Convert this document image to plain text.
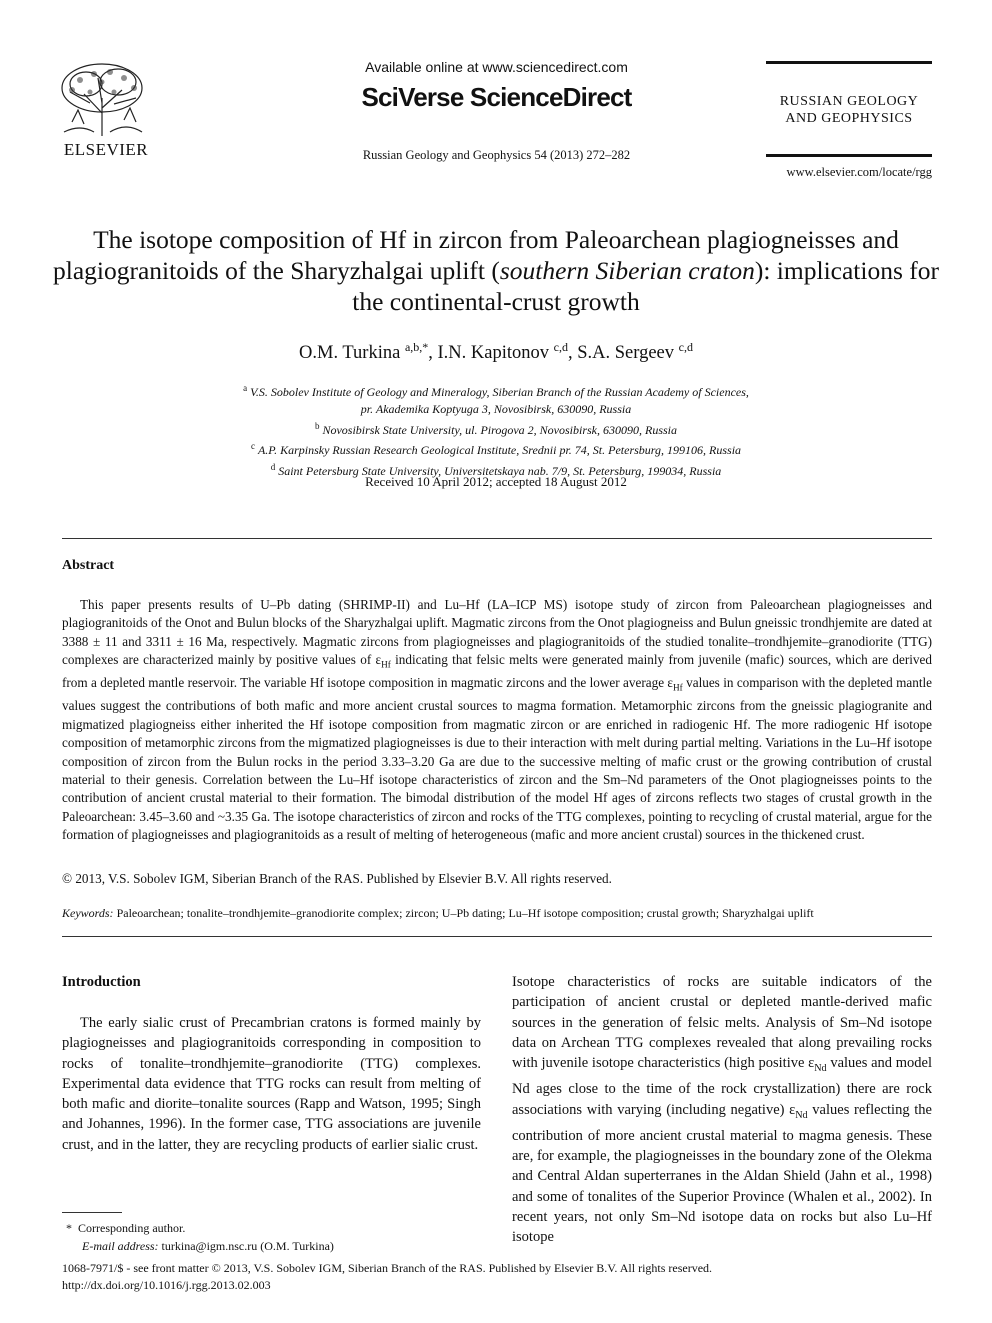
ELSEVIER
Available online at www.sciencedirect.com
SciVerse ScienceDirect
Russian Geology and Geophysics 54 (2013) 272–282
RUSSIAN GEOLOGY
AND GEOPHYSICS
www.elsevier.com/locate/rgg
The isotope composition of Hf in zircon from Paleoarchean plagiogneisses and plagiogranitoids of the Sharyzhalgai uplift (southern Siberian craton): implications for the continental-crust growth
O.M. Turkina $^{a,b,*}$, I.N. Kapitonov $^{c,d}$, S.A. Sergeev $^{c,d}$
$^a$ V.S. Sobolev Institute of Geology and Mineralogy, Siberian Branch of the Russian Academy of Sciences,
pr. Akademika Koptyuga 3, Novosibirsk, 630090, Russia
$^b$ Novosibirsk State University, ul. Pirogova 2, Novosibirsk, 630090, Russia
$^c$ A.P. Karpinsky Russian Research Geological Institute, Srednii pr. 74, St. Petersburg, 199106, Russia
$^d$ Saint Petersburg State University, Universitetskaya nab. 7/9, St. Petersburg, 199034, Russia
Received 10 April 2012; accepted 18 August 2012
Abstract
This paper presents results of U–Pb dating (SHRIMP-II) and Lu–Hf (LA–ICP MS) isotope study of zircon from Paleoarchean plagiogneisses and plagiogranitoids of the Onot and Bulun blocks of the Sharyzhalgai uplift. Magmatic zircons from the Onot plagiogneiss and Bulun gneissic trondhjemite are dated at 3388 ± 11 and 3311 ± 16 Ma, respectively. Magmatic zircons from plagiogneisses and plagiogranitoids of the studied tonalite–trondhjemite–granodiorite (TTG) complexes are characterized mainly by positive values of $\varepsilon_{Hf}$ indicating that felsic melts were generated mainly from juvenile (mafic) sources, which are derived from a depleted mantle reservoir. The variable Hf isotope composition in magmatic zircons and the lower average $\varepsilon_{Hf}$ values in comparison with the depleted mantle values suggest the contributions of both mafic and more ancient crustal sources to magma formation. Metamorphic zircons from the gneissic plagiogranite and migmatized plagiogneiss either inherited the Hf isotope composition from magmatic zircon or are enriched in radiogenic Hf. The more radiogenic Hf isotope composition of metamorphic zircons from the migmatized plagiogneisses is due to their interaction with melt during partial melting. Variations in the Lu–Hf isotope composition of zircon from the Bulun rocks in the period 3.33–3.20 Ga are due to the successive melting of mafic crust or the growing contribution of crustal material to their genesis. Correlation between the Lu–Hf isotope characteristics of zircon and the Sm–Nd parameters of the Onot plagiogneisses points to the contribution of ancient crustal material to their formation. The bimodal distribution of the model Hf ages of zircons reflects two stages of crustal growth in the Paleoarchean: 3.45–3.60 and ~3.35 Ga. The isotope characteristics of zircon and rocks of the TTG complexes, pointing to recycling of crustal material, argue for the formation of plagiogneisses and plagiogranitoids as a result of melting of heterogeneous (mafic and more ancient crustal) sources in the thickened crust.
© 2013, V.S. Sobolev IGM, Siberian Branch of the RAS. Published by Elsevier B.V. All rights reserved.
Keywords: Paleoarchean; tonalite–trondhjemite–granodiorite complex; zircon; U–Pb dating; Lu–Hf isotope composition; crustal growth; Sharyzhalgai uplift
Introduction
The early sialic crust of Precambrian cratons is formed mainly by plagiogneisses and plagiogranitoids corresponding in composition to rocks of tonalite–trondhjemite–granodiorite (TTG) complexes. Experimental data evidence that TTG rocks can result from melting of both mafic and diorite–tonalite sources (Rapp and Watson, 1995; Singh and Johannes, 1996). In the former case, TTG associations are juvenile crust, and in the latter, they are recycling products of earlier sialic crust.
Isotope characteristics of rocks are suitable indicators of the participation of ancient crustal or depleted mantle-derived mafic sources in the generation of felsic melts. Analysis of Sm–Nd isotope data on Archean TTG complexes revealed that along prevailing rocks with juvenile isotope characteristics (high positive $\varepsilon_{Nd}$ values and model Nd ages close to the time of the rock crystallization) there are rock associations with varying (including negative) $\varepsilon_{Nd}$ values reflecting the contribution of more ancient crustal material to magma genesis. These are, for example, the plagiogneisses in the boundary zone of the Olekma and Central Aldan superterranes in the Aldan Shield (Jahn et al., 1998) and some of tonalites of the Superior Province (Whalen et al., 2002). In recent years, not only Sm–Nd isotope data on rocks but also Lu–Hf isotope
* Corresponding author.
E-mail address: turkina@igm.nsc.ru (O.M. Turkina)
1068-7971/$ - see front matter © 2013, V.S. Sobolev IGM, Siberian Branch of the RAS. Published by Elsevier B.V. All rights reserved.
http://dx.doi.org/10.1016/j.rgg.2013.02.003
